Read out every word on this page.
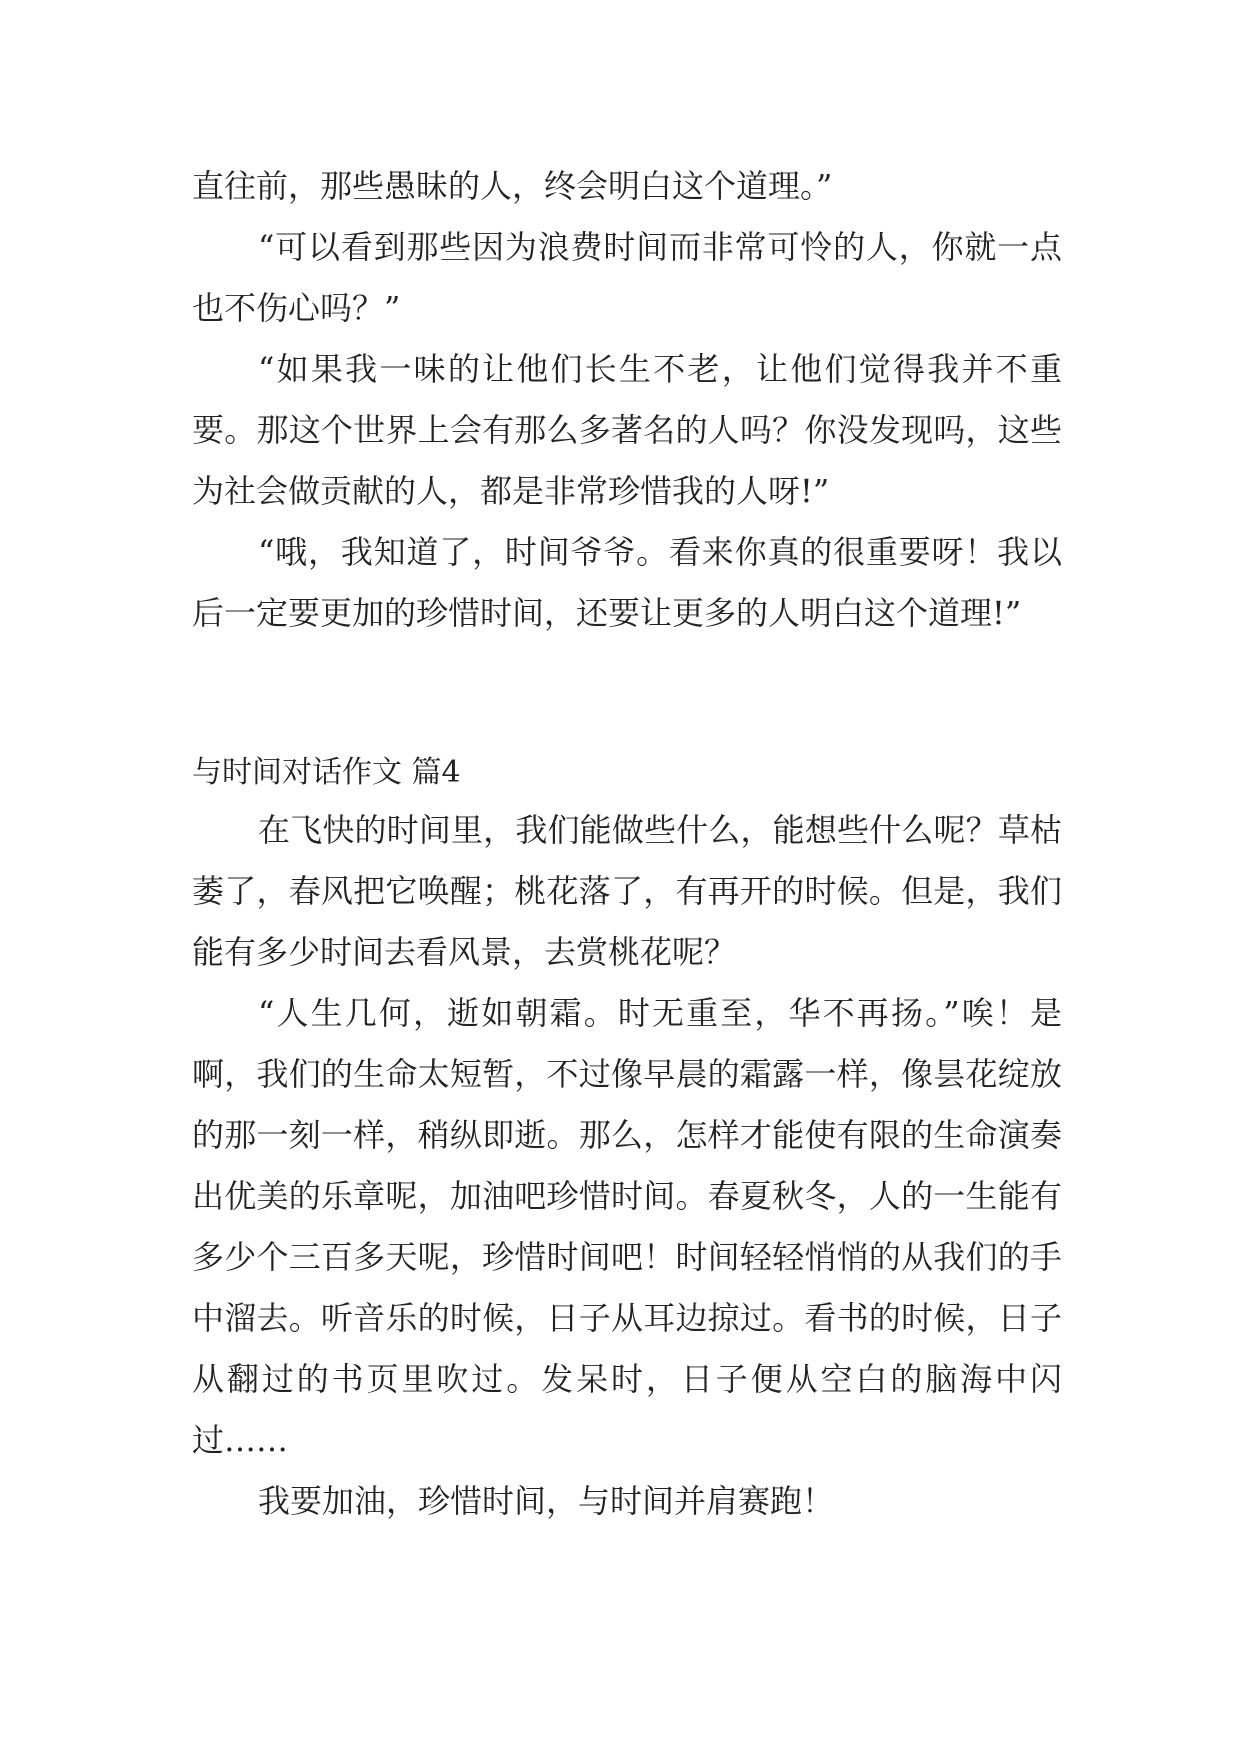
直往前，那些愚昧的人，终会明白这个道理。”

“可以看到那些因为浪费时间而非常可怜的人，你就一点也不伤心吗？”

“如果我一味的让他们长生不老，让他们觉得我并不重要。那这个世界上会有那么多著名的人吗？你没发现吗，这些为社会做贡献的人，都是非常珍惜我的人呀!”

“哦，我知道了，时间爷爷。看来你真的很重要呀！我以后一定要更加的珍惜时间，还要让更多的人明白这个道理!”

与时间对话作文 篇4

在飞快的时间里，我们能做些什么，能想些什么呢？草枯萎了，春风把它唤醒；桃花落了，有再开的时候。但是，我们能有多少时间去看风景，去赏桃花呢？

“人生几何，逝如朝霜。时无重至，华不再扬。”唉！是啊，我们的生命太短暂，不过像早晨的霜露一样，像昙花绽放的那一刻一样，稍纵即逝。那么，怎样才能使有限的生命演奏出优美的乐章呢，加油吧珍惜时间。春夏秋冬，人的一生能有多少个三百多天呢，珍惜时间吧！时间轻轻悄悄的从我们的手中溜去。听音乐的时候，日子从耳边掠过。看书的时候，日子从翻过的书页里吹过。发呆时，日子便从空白的脑海中闪过……

我要加油，珍惜时间，与时间并肩赛跑！
